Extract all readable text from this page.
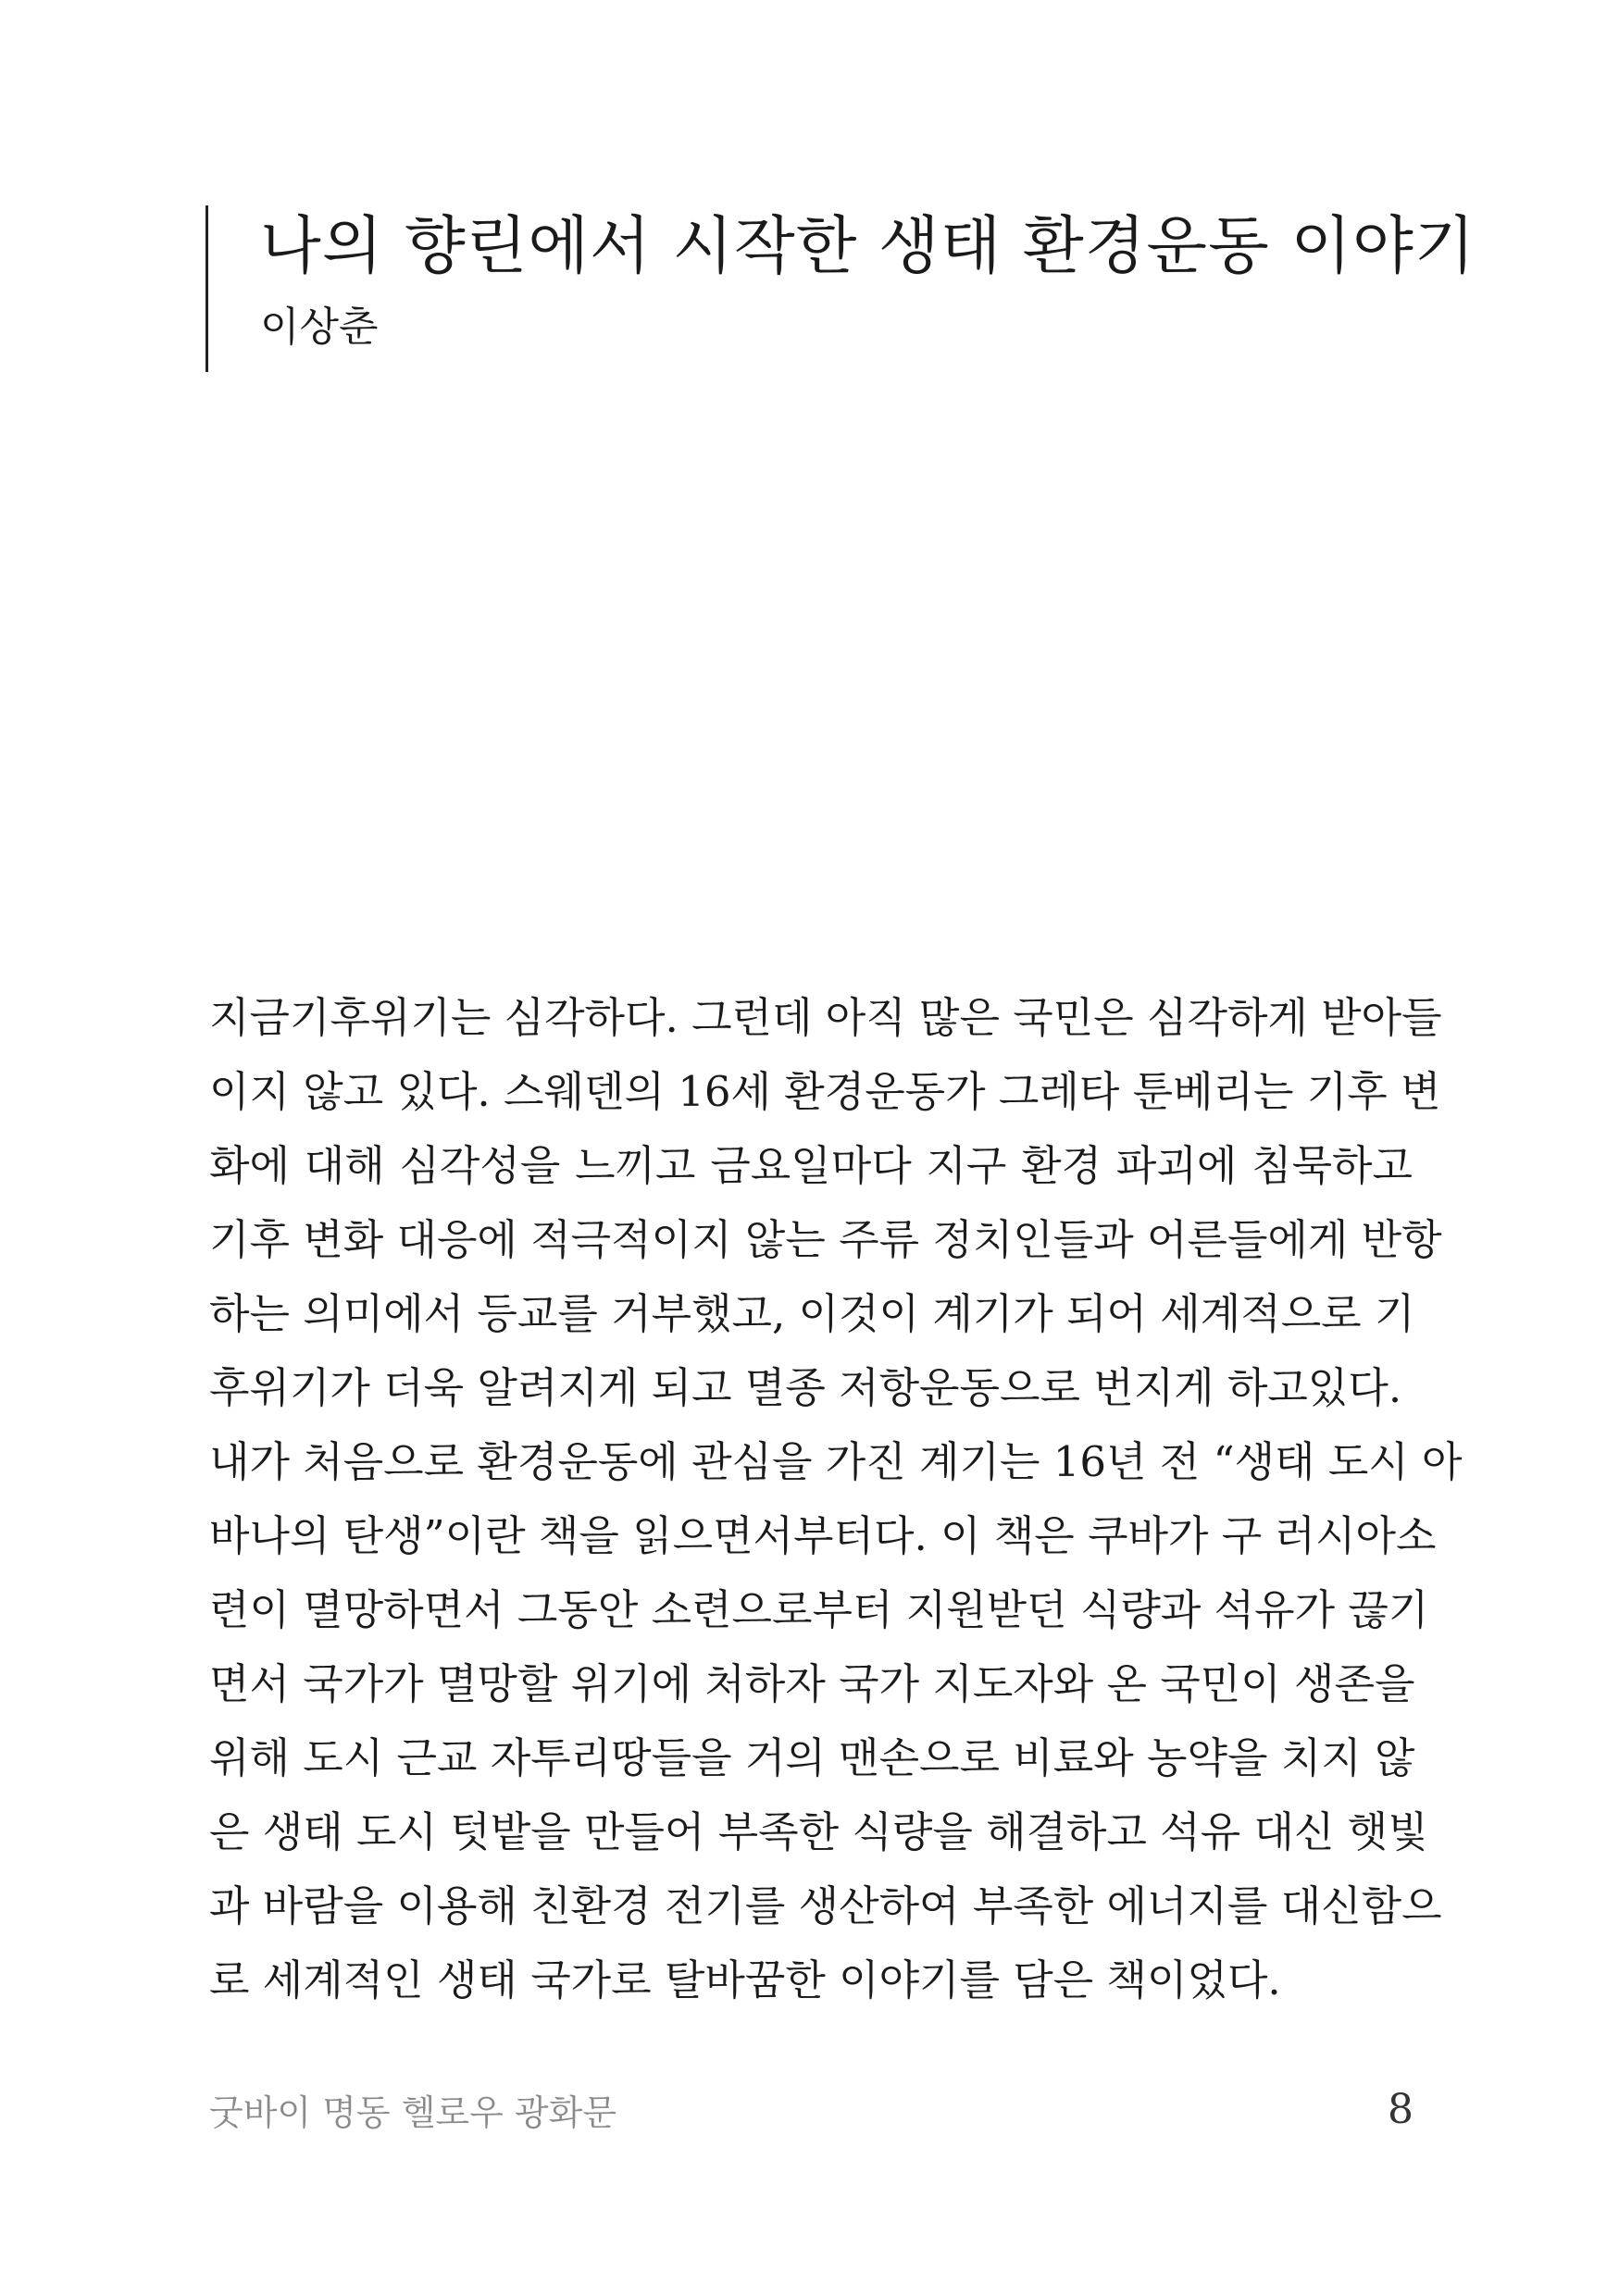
나의 향린에서 시작한 생태 환경운동 이야기
이상춘
지금기후위기는 심각하다. 그런데 아직 많은 국민은 심각하게 받아들
이지 않고 있다. 스웨덴의 16세 환경운동가 그레타 툰베리는 기후 변
화에 대해 심각성을 느끼고 금요일마다 지구 환경 파괴에 침묵하고
기후 변화 대응에 적극적이지 않는 주류 정치인들과 어른들에게 반항
하는 의미에서 등교를 거부했고, 이것이 계기가 되어 세계적으로 기
후위기가 더욱 알려지게 되고 멸종 저항운동으로 번지게 하고있다.
내가 처음으로 환경운동에 관심을 가진 계기는 16년 전 “생태 도시 아
바나의 탄생”이란 책을 읽으면서부터다. 이 책은 쿠바가 구 러시아소
련이 멸망하면서 그동안 소련으로부터 지원받던 식량과 석유가 끊기
면서 국가가 멸망할 위기에 처하자 국가 지도자와 온 국민이 생존을
위해 도시 근교 자투리땅들을 거의 맨손으로 비료와 농약을 치지 않
은 생태 도시 텃밭을 만들어 부족한 식량을 해결하고 석유 대신 햇빛
과 바람을 이용해 친환경 전기를 생산하여 부족한 에너지를 대신함으
로 세계적인 생태 국가로 탈바꿈한 이야기를 담은 책이었다.
굿바이 명동 헬로우 광화문	8
